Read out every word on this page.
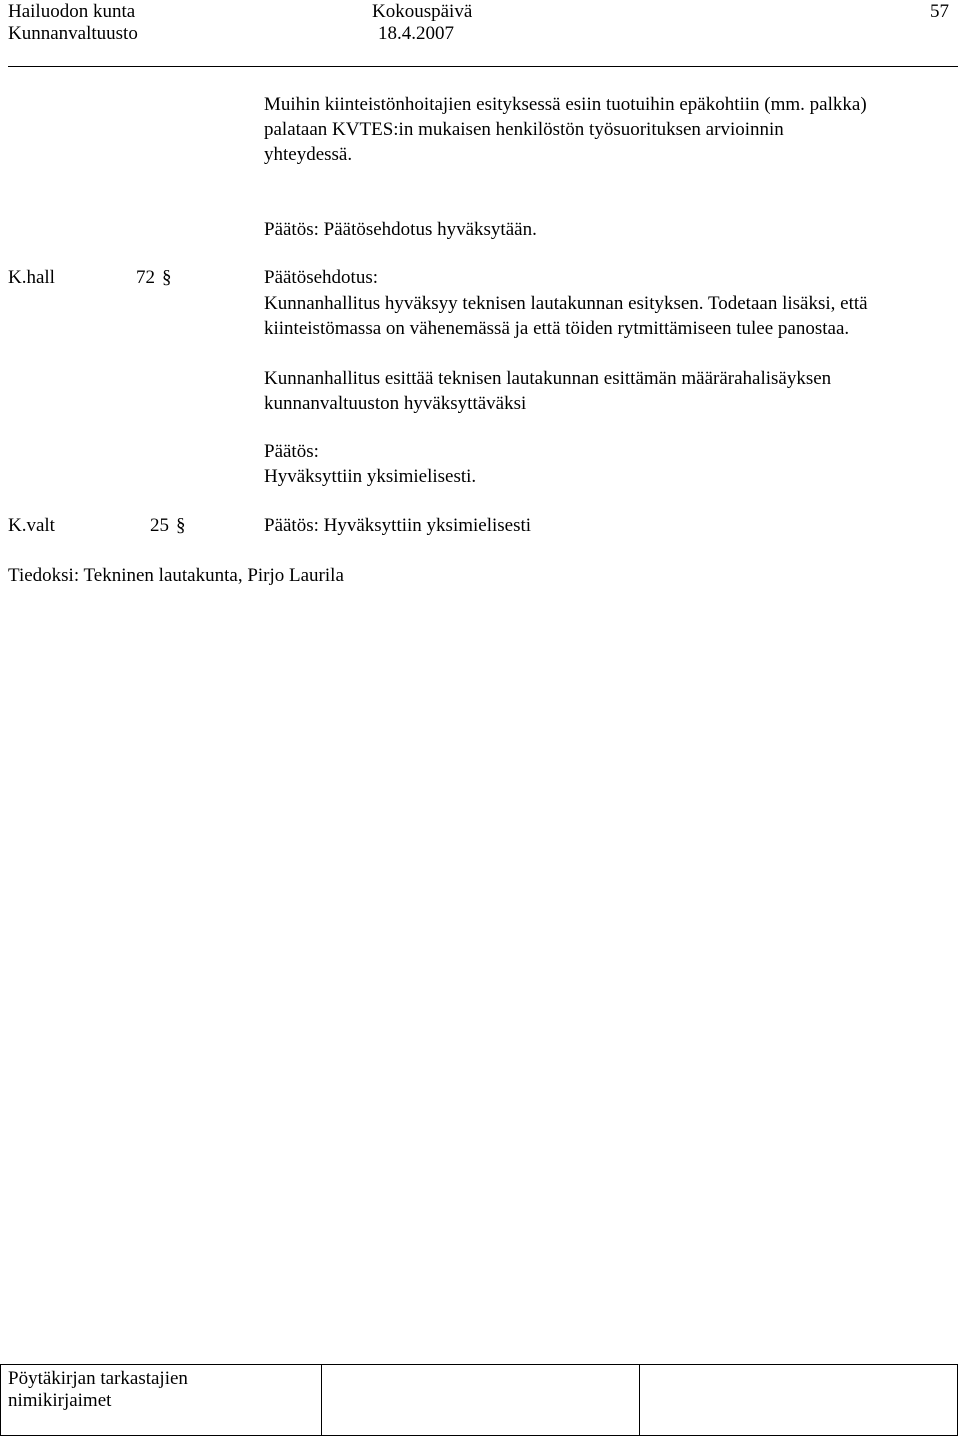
Hailuodon kunta
Kunnanvaltuusto
Kokouspäivä
18.4.2007
57
Muihin kiinteistönhoitajien esityksessä esiin tuotuihin epäkohtiin (mm. palkka)
palataan KVTES:in mukaisen henkilöstön työsuorituksen arvioinnin
yhteydessä.
Päätös: Päätösehdotus hyväksytään.
K.hall	72 §	Päätösehdotus:
Kunnanhallitus hyväksyy teknisen lautakunnan esityksen. Todetaan lisäksi, että
kiinteistömassa on vähenemässä ja että töiden rytmittämiseen tulee panostaa.
Kunnanhallitus esittää teknisen lautakunnan esittämän määrärahalisäyksen
kunnanvaltuuston hyväksyttäväksi
Päätös:
Hyväksyttiin yksimielisesti.
K.valt	25 §	Päätös: Hyväksyttiin yksimielisesti
Tiedoksi: Tekninen lautakunta, Pirjo Laurila
Pöytäkirjan tarkastajien
nimikirjaimet
